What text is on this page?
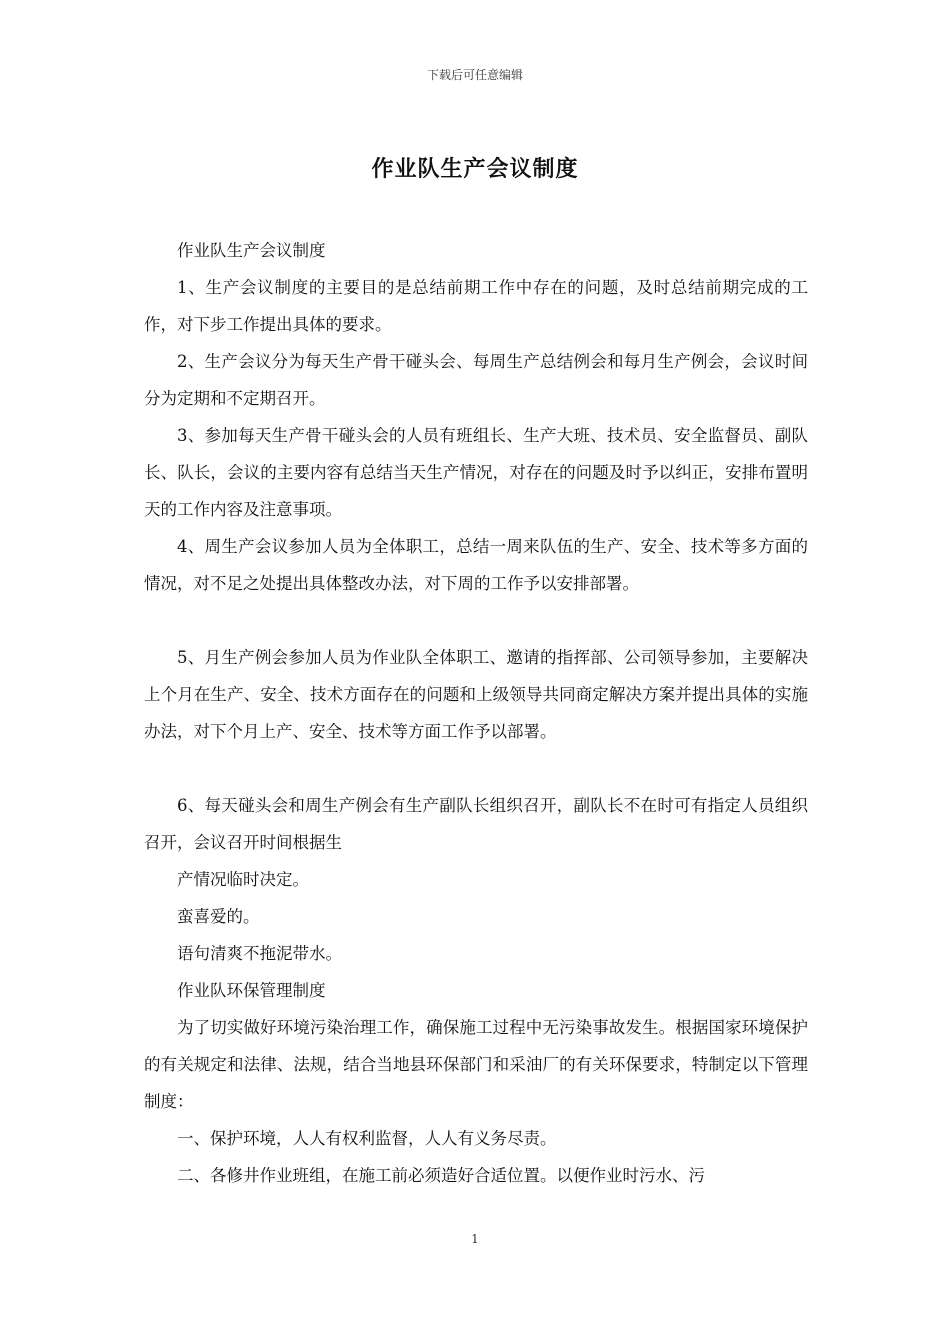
下载后可任意编辑
作业队生产会议制度

作业队生产会议制度

1、生产会议制度的主要目的是总结前期工作中存在的问题，及时总结前期完成的工作，对下步工作提出具体的要求。

2、生产会议分为每天生产骨干碰头会、每周生产总结例会和每月生产例会，会议时间分为定期和不定期召开。

3、参加每天生产骨干碰头会的人员有班组长、生产大班、技术员、安全监督员、副队长、队长，会议的主要内容有总结当天生产情况，对存在的问题及时予以纠正，安排布置明天的工作内容及注意事项。

4、周生产会议参加人员为全体职工，总结一周来队伍的生产、安全、技术等多方面的情况，对不足之处提出具体整改办法，对下周的工作予以安排部署。

5、月生产例会参加人员为作业队全体职工、邀请的指挥部、公司领导参加，主要解决上个月在生产、安全、技术方面存在的问题和上级领导共同商定解决方案并提出具体的实施办法，对下个月上产、安全、技术等方面工作予以部署。

6、每天碰头会和周生产例会有生产副队长组织召开，副队长不在时可有指定人员组织召开，会议召开时间根据生

产情况临时决定。

蛮喜爱的。

语句清爽不拖泥带水。

作业队环保管理制度

为了切实做好环境污染治理工作，确保施工过程中无污染事故发生。根据国家环境保护的有关规定和法律、法规，结合当地县环保部门和采油厂的有关环保要求，特制定以下管理制度：

一、保护环境，人人有权利监督，人人有义务尽责。

二、各修井作业班组，在施工前必须造好合适位置。以便作业时污水、污

1
